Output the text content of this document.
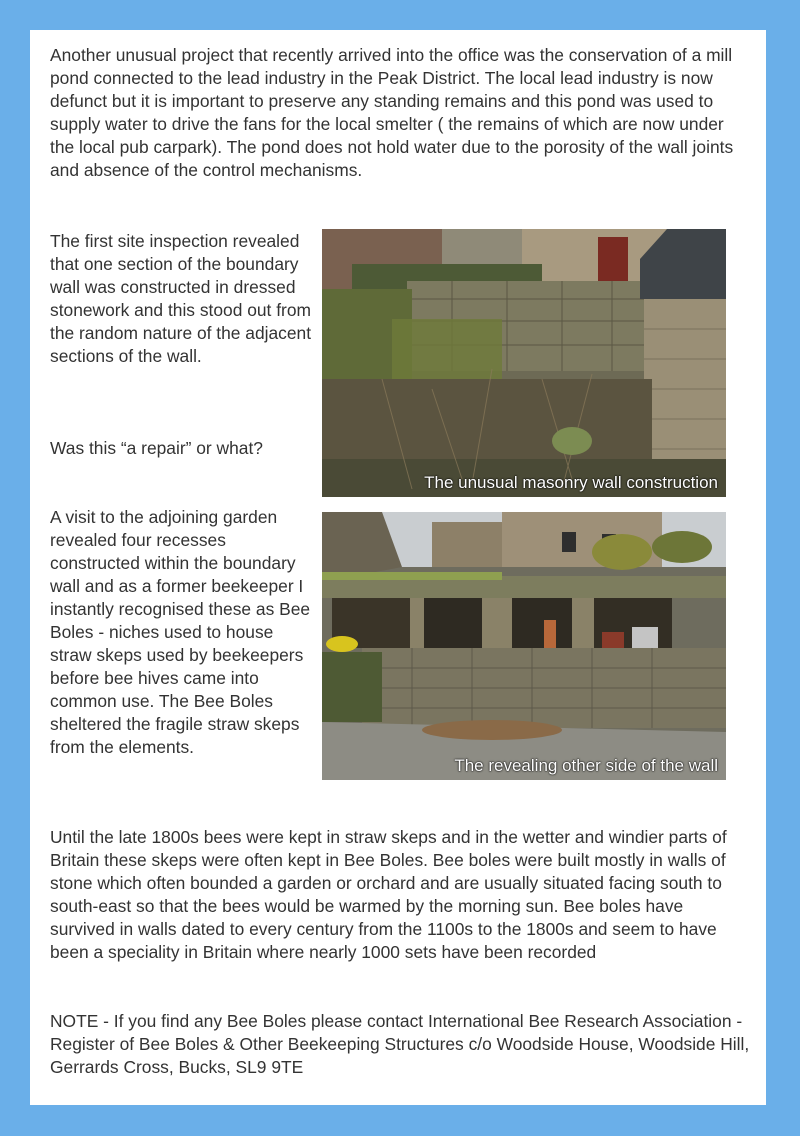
Another unusual project that recently arrived into the office was the conservation of a mill pond connected to the lead industry in the Peak District. The local lead industry is now defunct but it is important to preserve any standing remains and this pond was used to supply water to drive the fans for the local smelter ( the remains of which are now under the local pub carpark). The pond does not hold water due to the porosity of the wall joints and absence of the control mechanisms.

The first site inspection revealed that one section of the boundary wall was constructed in dressed stonework and this stood out from the random nature of the adjacent sections of the wall.

Was this “a repair” or what?

A visit to the adjoining garden revealed four recesses constructed within the boundary wall and as a former beekeeper I instantly recognised these as Bee Boles - niches used to house straw skeps used by beekeepers before bee hives came into common use. The Bee Boles sheltered the fragile straw skeps from the elements.

Until the late 1800s bees were kept in straw skeps and in the wetter and windier parts of Britain these skeps were often kept in Bee Boles. Bee boles were built mostly in walls of stone which often bounded a garden or orchard and are usually situated facing south to south-east so that the bees would be warmed by the morning sun. Bee boles have survived in walls dated to every century from the 1100s to the 1800s and seem to have been a speciality in Britain where nearly 1000 sets have been recorded

NOTE - If you find any Bee Boles please contact International Bee Research Association - Register of Bee Boles & Other Beekeeping Structures c/o Woodside House, Woodside Hill, Gerrards Cross, Bucks, SL9 9TE

The unusual masonry wall construction
The revealing other side of the wall
